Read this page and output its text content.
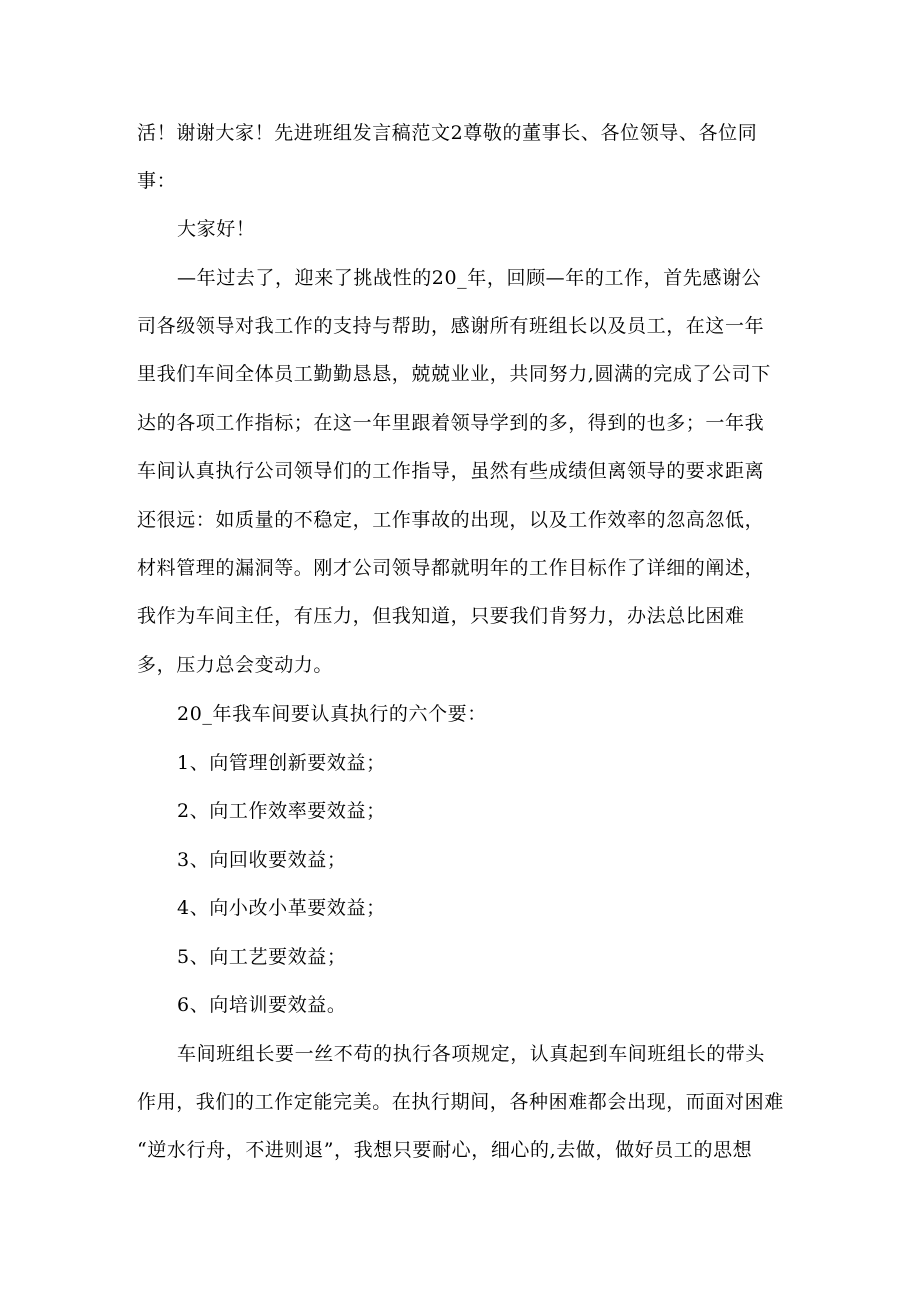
活！谢谢大家！先进班组发言稿范文2尊敬的董事长、各位领导、各位同
事：
大家好！
—年过去了，迎来了挑战性的20_年，回顾—年的工作，首先感谢公
司各级领导对我工作的支持与帮助，感谢所有班组长以及员工，在这一年
里我们车间全体员工勤勤恳恳，兢兢业业，共同努力,圆满的完成了公司下
达的各项工作指标；在这一年里跟着领导学到的多，得到的也多；一年我
车间认真执行公司领导们的工作指导，虽然有些成绩但离领导的要求距离
还很远：如质量的不稳定，工作事故的出现，以及工作效率的忽高忽低，
材料管理的漏洞等。刚才公司领导都就明年的工作目标作了详细的阐述，
我作为车间主任，有压力，但我知道，只要我们肯努力，办法总比困难
多，压力总会变动力。
20_年我车间要认真执行的六个要：
1、向管理创新要效益；
2、向工作效率要效益；
3、向回收要效益；
4、向小改小革要效益；
5、向工艺要效益；
6、向培训要效益。
车间班组长要一丝不苟的执行各项规定，认真起到车间班组长的带头
作用，我们的工作定能完美。在执行期间，各种困难都会出现，而面对困难
“逆水行舟，不进则退”，我想只要耐心，细心的,去做，做好员工的思想
